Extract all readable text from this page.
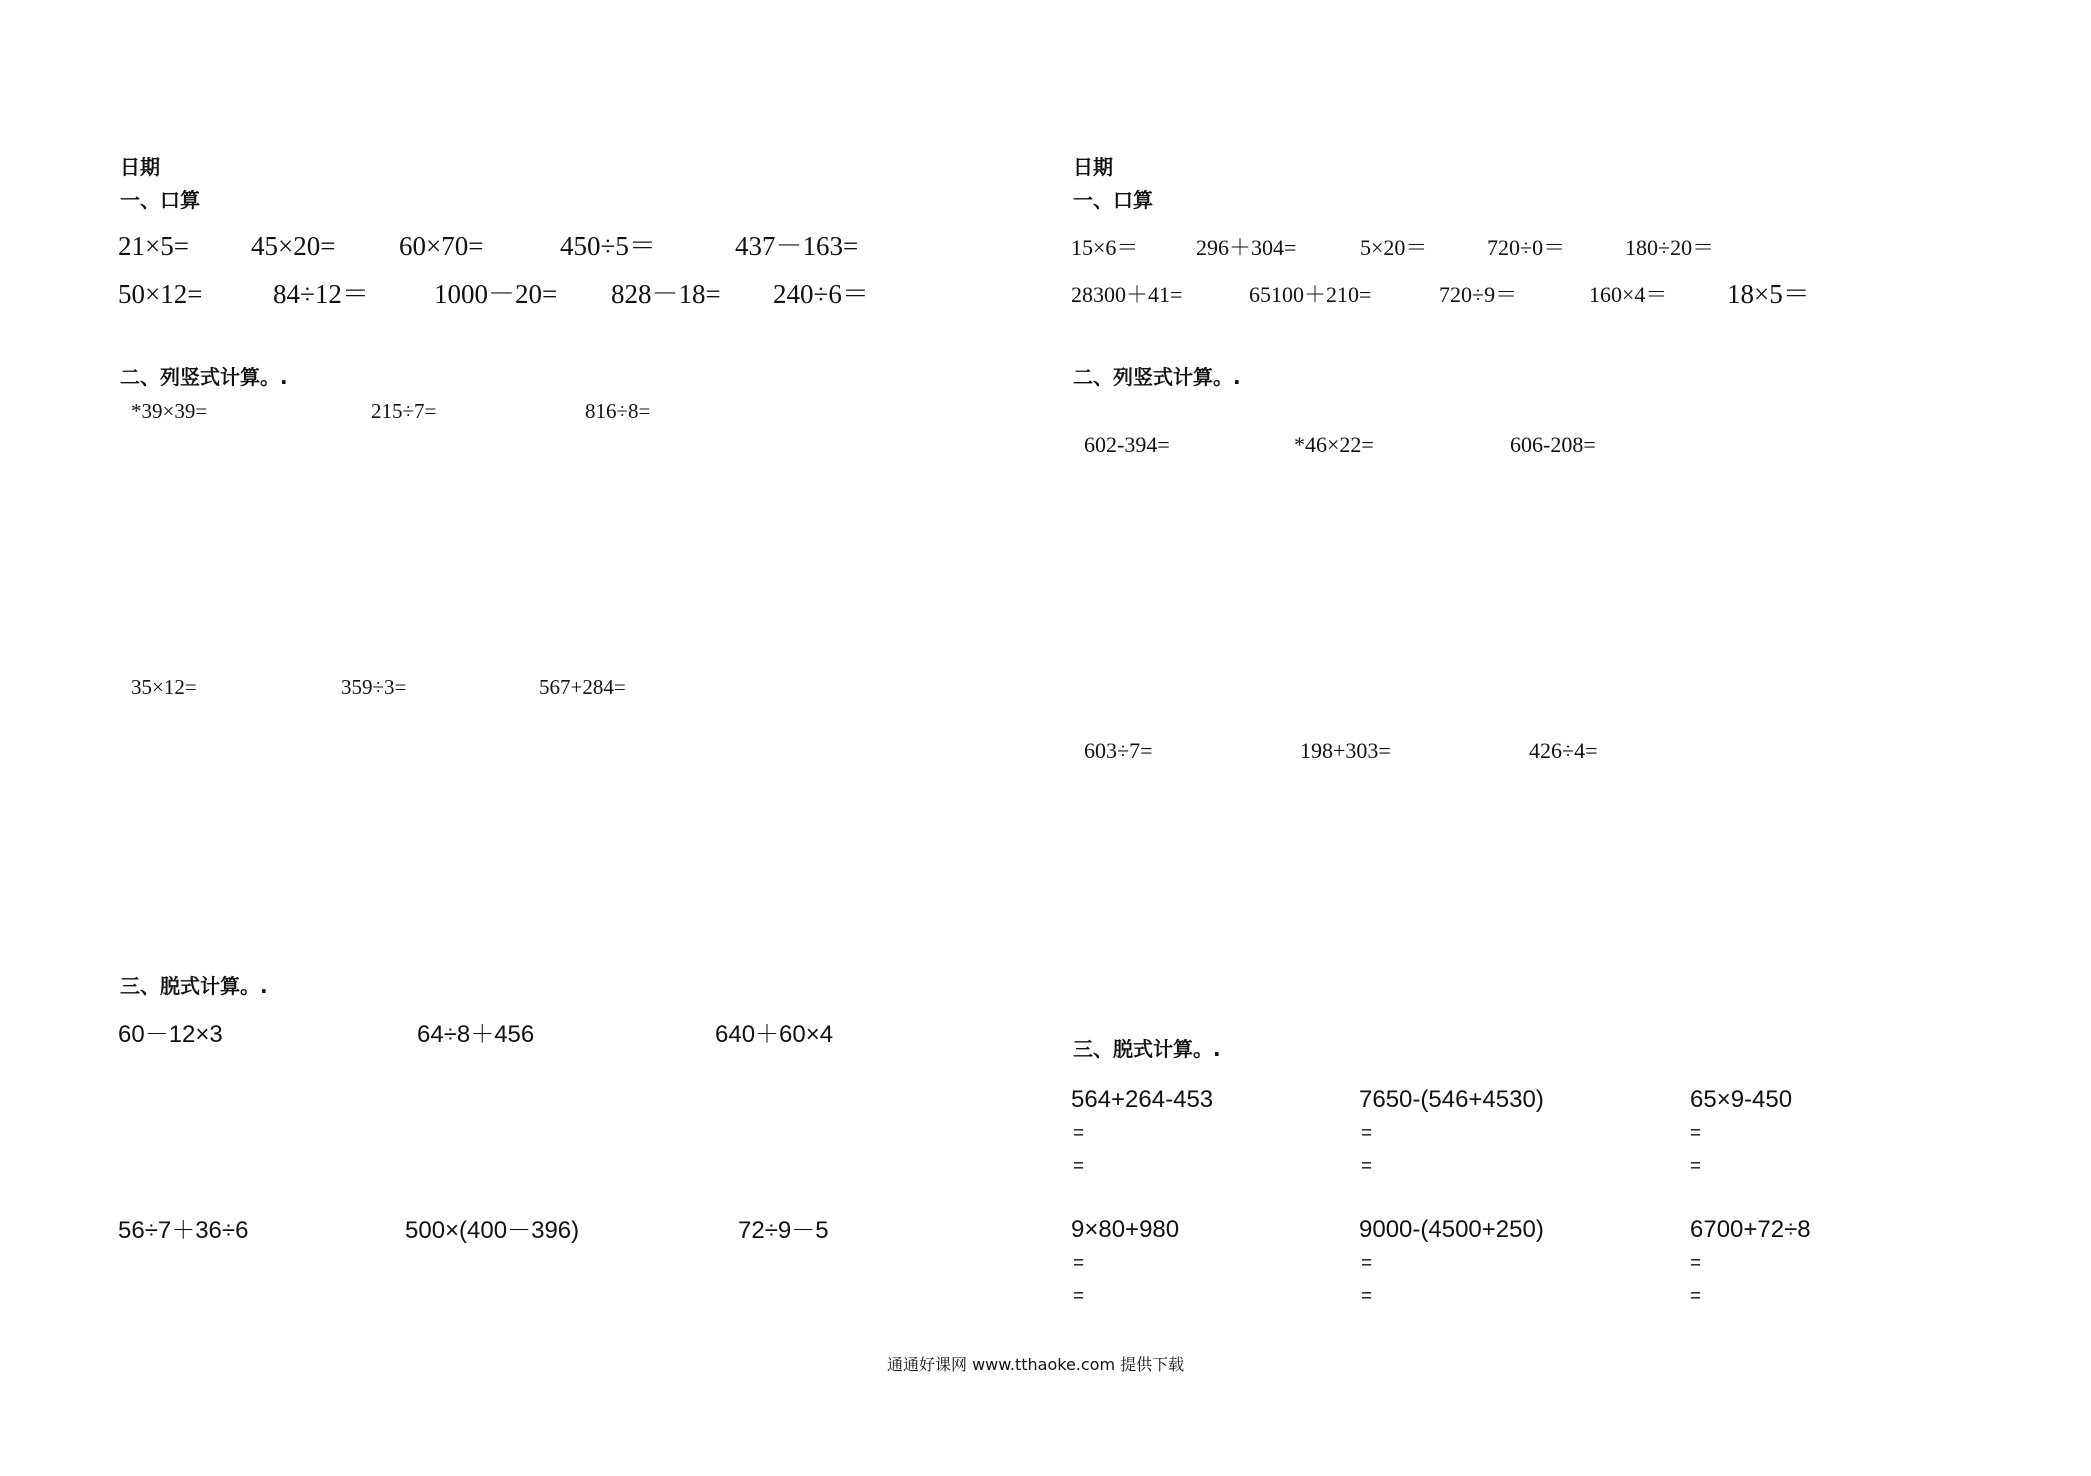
日期
一、口算
21×5= 45×20= 60×70=	450÷5＝	437－163=
50×12=	84÷12＝ 1000－20= 828－18= 240÷6＝
二、列竖式计算。.
*39×39=	215÷7=	816÷8=
35×12=	359÷3=	567+284=
三、脱式计算。.
60－12×3	64÷8＋456	640＋60×4
56÷7＋36÷6	500×(400－396)	72÷9－5
日期
一、口算
15×6＝	296＋304=	5×20＝	720÷0＝	180÷20＝
28300＋41=	65100＋210=	720÷9＝	160×4＝ 18×5＝
二、列竖式计算。.
602-394=	*46×22=	606-208=
603÷7=	198+303=	426÷4=
三、脱式计算。.
564+264-453
=
=
7650-(546+4530)
=
=
65×9-450
=
=
9×80+980
=
=
9000-(4500+250)
=
=
6700+72÷8
=
=
通通好课网 www.tthaoke.com 提供下载
